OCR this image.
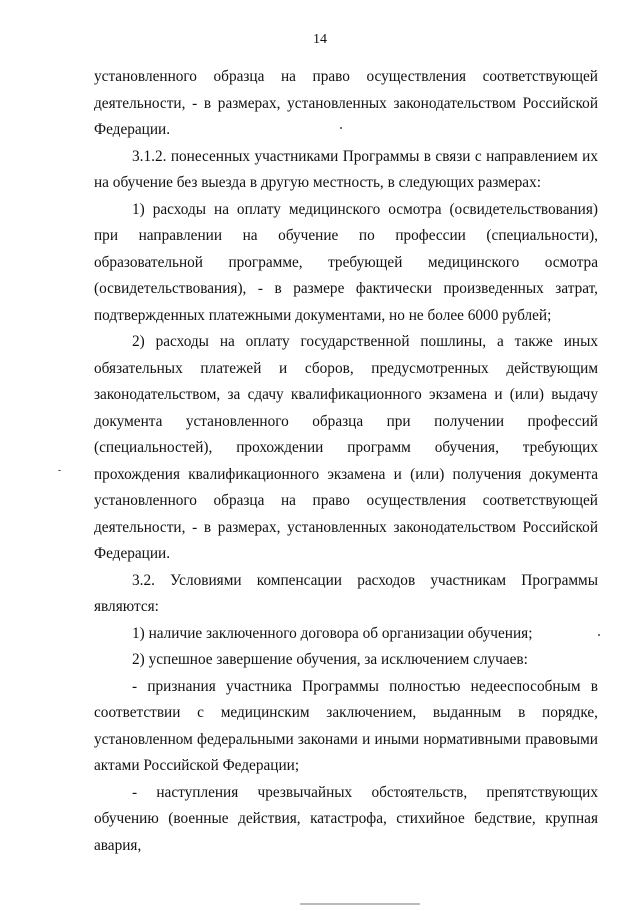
14

установленного образца на право осуществления соответствующей деятельности, - в размерах, установленных законодательством Российской Федерации.

3.1.2. понесенных участниками Программы в связи с направлением их на обучение без выезда в другую местность, в следующих размерах:

1) расходы на оплату медицинского осмотра (освидетельствования) при направлении на обучение по профессии (специальности), образовательной программе, требующей медицинского осмотра (освидетельствования), - в размере фактически произведенных затрат, подтвержденных платежными документами, но не более 6000 рублей;

2) расходы на оплату государственной пошлины, а также иных обязательных платежей и сборов, предусмотренных действующим законодательством, за сдачу квалификационного экзамена и (или) выдачу документа установленного образца при получении профессий (специальностей), прохождении программ обучения, требующих прохождения квалификационного экзамена и (или) получения документа установленного образца на право осуществления соответствующей деятельности, - в размерах, установленных законодательством Российской Федерации.

3.2. Условиями компенсации расходов участникам Программы являются:

1) наличие заключенного договора об организации обучения;

2) успешное завершение обучения, за исключением случаев:

- признания участника Программы полностью недееспособным в соответствии с медицинским заключением, выданным в порядке, установленном федеральными законами и иными нормативными правовыми актами Российской Федерации;

- наступления чрезвычайных обстоятельств, препятствующих обучению (военные действия, катастрофа, стихийное бедствие, крупная авария,
